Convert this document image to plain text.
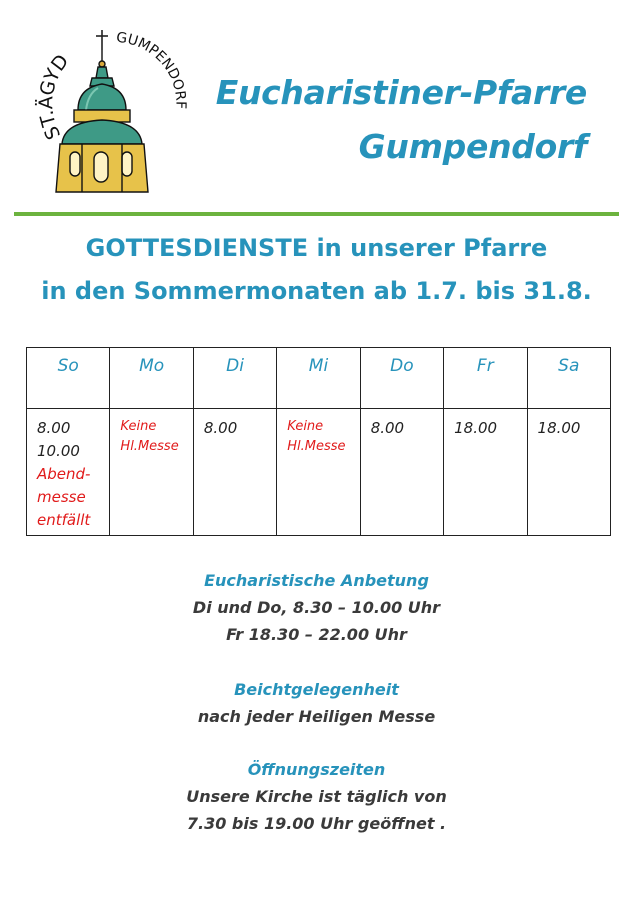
ST.ÄGYD
GUMPENDORF Eucharistiner-Pfarre
Gumpendorf
GOTTESDIENSTE in unserer Pfarre
in den Sommermonaten ab 1.7. bis 31.8.
So	Mo	Di	Mi	Do	Fr	Sa

8.00
10.00
Abend-
messe
entfällt	Keine
Hl.Messe	8.00	Keine
Hl.Messe	8.00	18.00	18.00
Eucharistische Anbetung
Di und Do, 8.30 – 10.00 Uhr
Fr 18.30 – 22.00 Uhr
Beichtgelegenheit
nach jeder Heiligen Messe
Öffnungszeiten
Unsere Kirche ist täglich von
7.30 bis 19.00 Uhr geöffnet .
